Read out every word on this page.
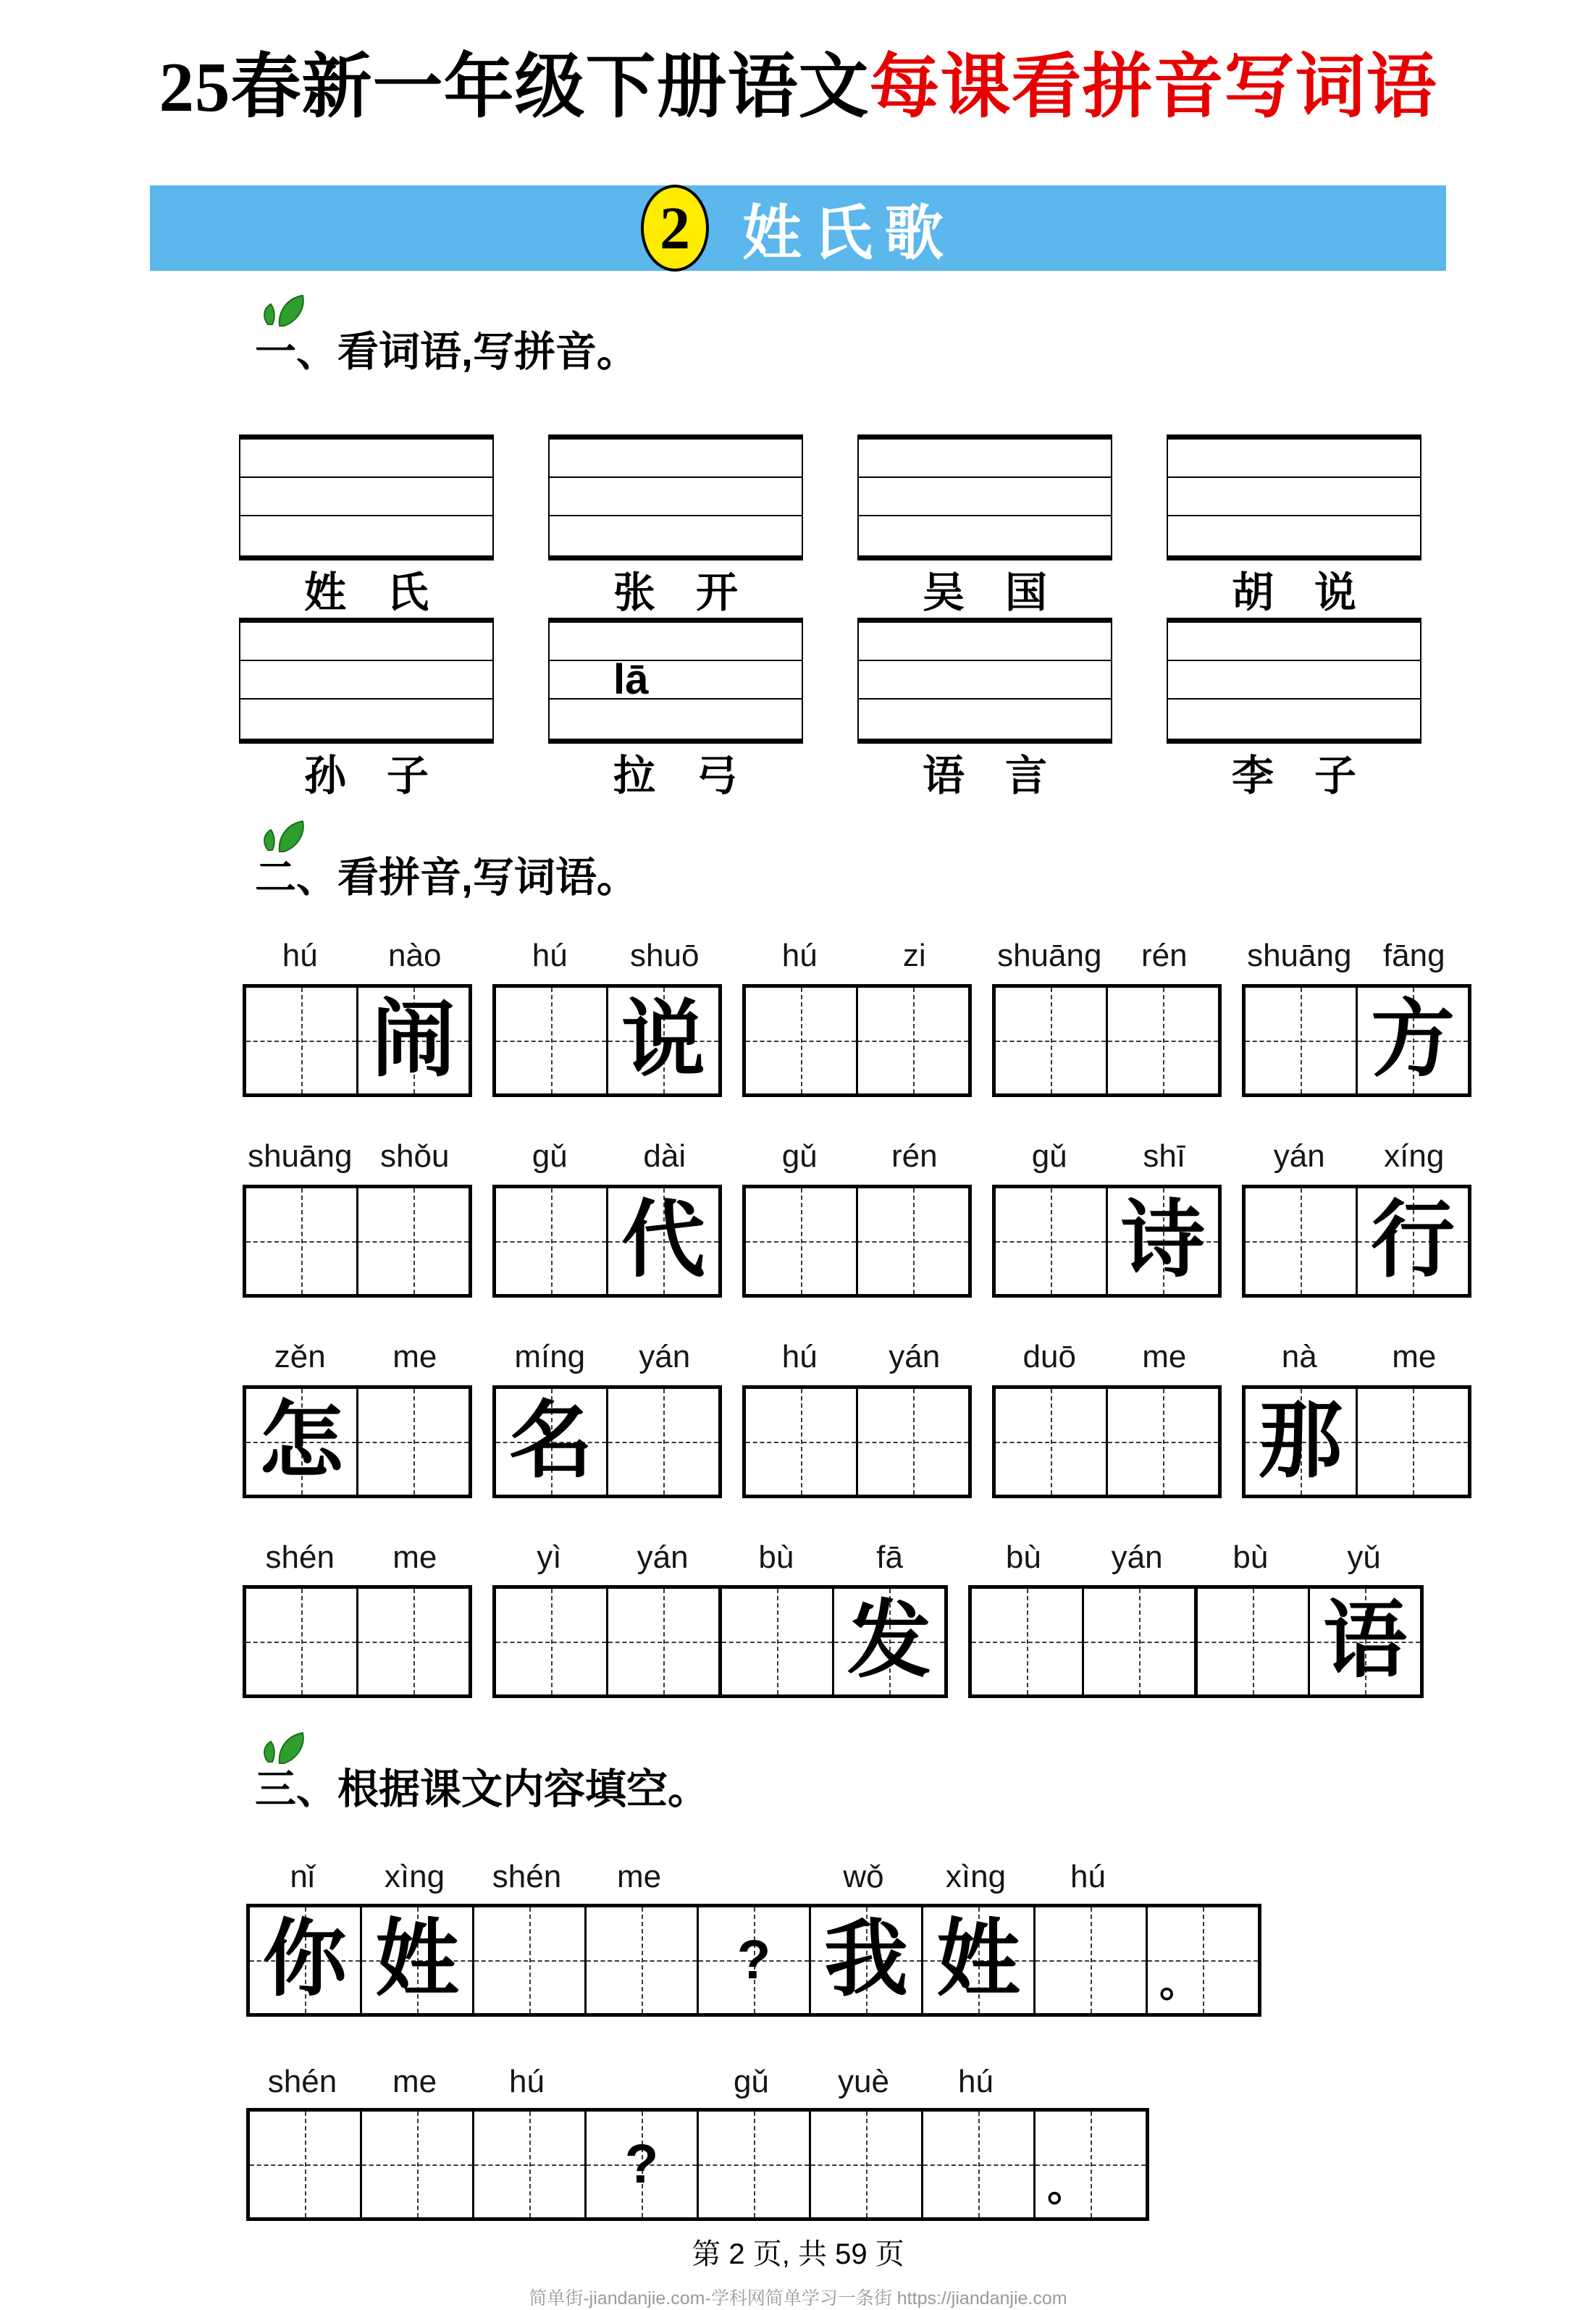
25春新一年级下册语文每课看拼音写词语
2 姓氏歌
一、看词语,写拼音。
姓 氏	张 开	吴 国	胡 说
孙 子
lā
拉 弓	语 言	李 子
二、看拼音,写词语。
hú	nào	hú	shuō	hú	zi	shuāng	rén	shuāng fāng
闹 说	方
shuāng shǒu	gǔ	dài	gǔ	rén	gǔ	shī	yán	xíng
代	诗 行
zěn	me	míng	yán	hú	yán	duō	me	nà	me
怎 名	那
shén	me	yì	yán	bù	fā	bù	yán	bù	yǔ
发	语
三、根据课文内容填空。
nǐ	xìng	shén	me	wǒ	xìng	hú
你 姓	? 我 姓	。
shén	me	hú	gǔ	yuè	hú
?	。
第 2 页, 共 59 页
简单街-jiandanjie.com-学科网简单学习一条街 https://jiandanjie.com
